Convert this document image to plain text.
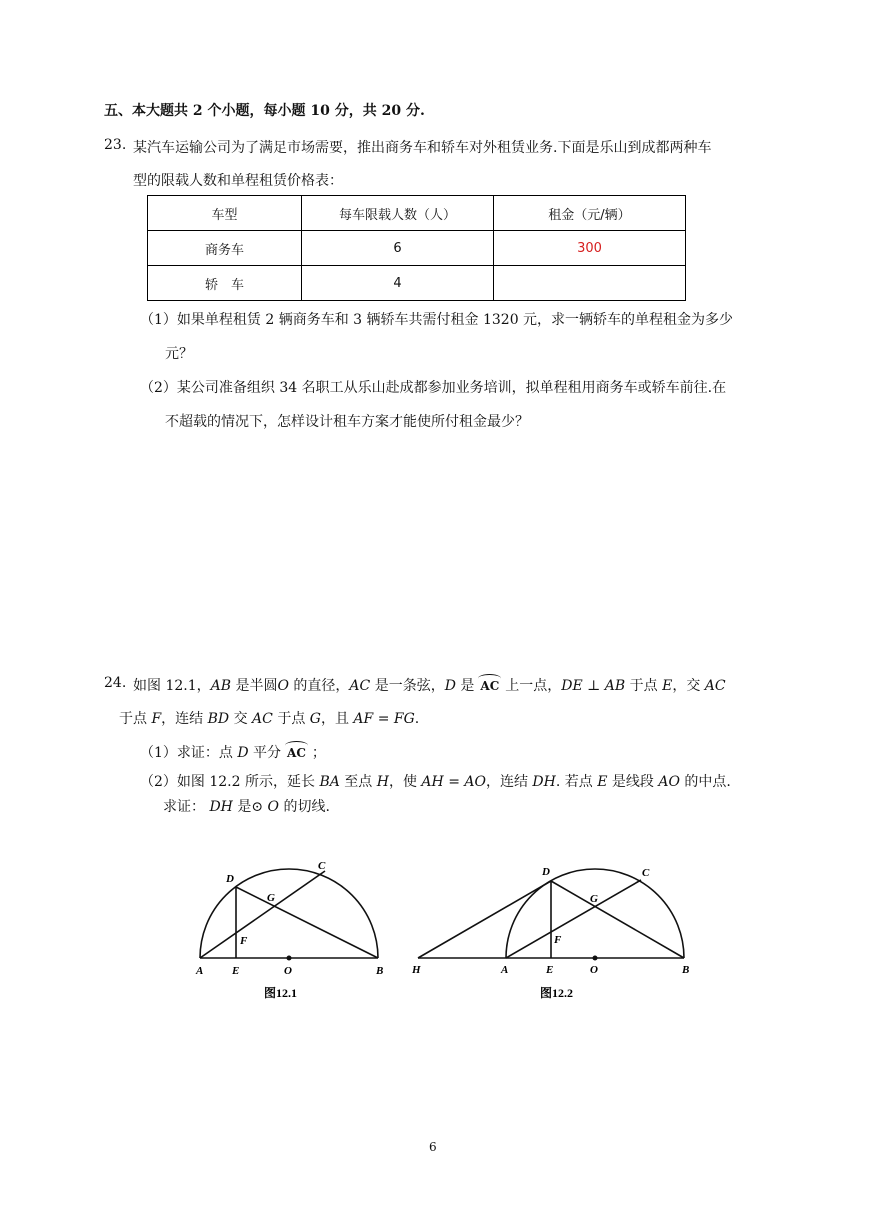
五、本大题共 2 个小题，每小题 10 分，共 20 分.
23. 某汽车运输公司为了满足市场需要，推出商务车和轿车对外租赁业务.下面是乐山到成都两种车
型的限载人数和单程租赁价格表：
车型	每车限载人数（人）	租金（元/辆）
商务车	6	300
轿　车	4	
（1）如果单程租赁 2 辆商务车和 3 辆轿车共需付租金 1320 元，求一辆轿车的单程租金为多少
元？
（2）某公司准备组织 34 名职工从乐山赴成都参加业务培训，拟单程租用商务车或轿车前往.在
不超载的情况下，怎样设计租车方案才能使所付租金最少？
24. 如图 12.1，AB 是半圆O 的直径，AC 是一条弦，D 是 AC 上一点，DE ⊥ AB 于点 E，交 AC
于点 F，连结 BD 交 AC 于点 G，且 AF = FG.
（1）求证：点 D 平分 AC ；
（2）如图 12.2 所示，延长 BA 至点 H，使 AH = AO，连结 DH. 若点 E 是线段 AO 的中点.
求证： DH 是⊙ O 的切线.
D
C
G
F
A	E	O	B
图12.1
D	C
G
F
H	A	E	O	B
图12.2
6
